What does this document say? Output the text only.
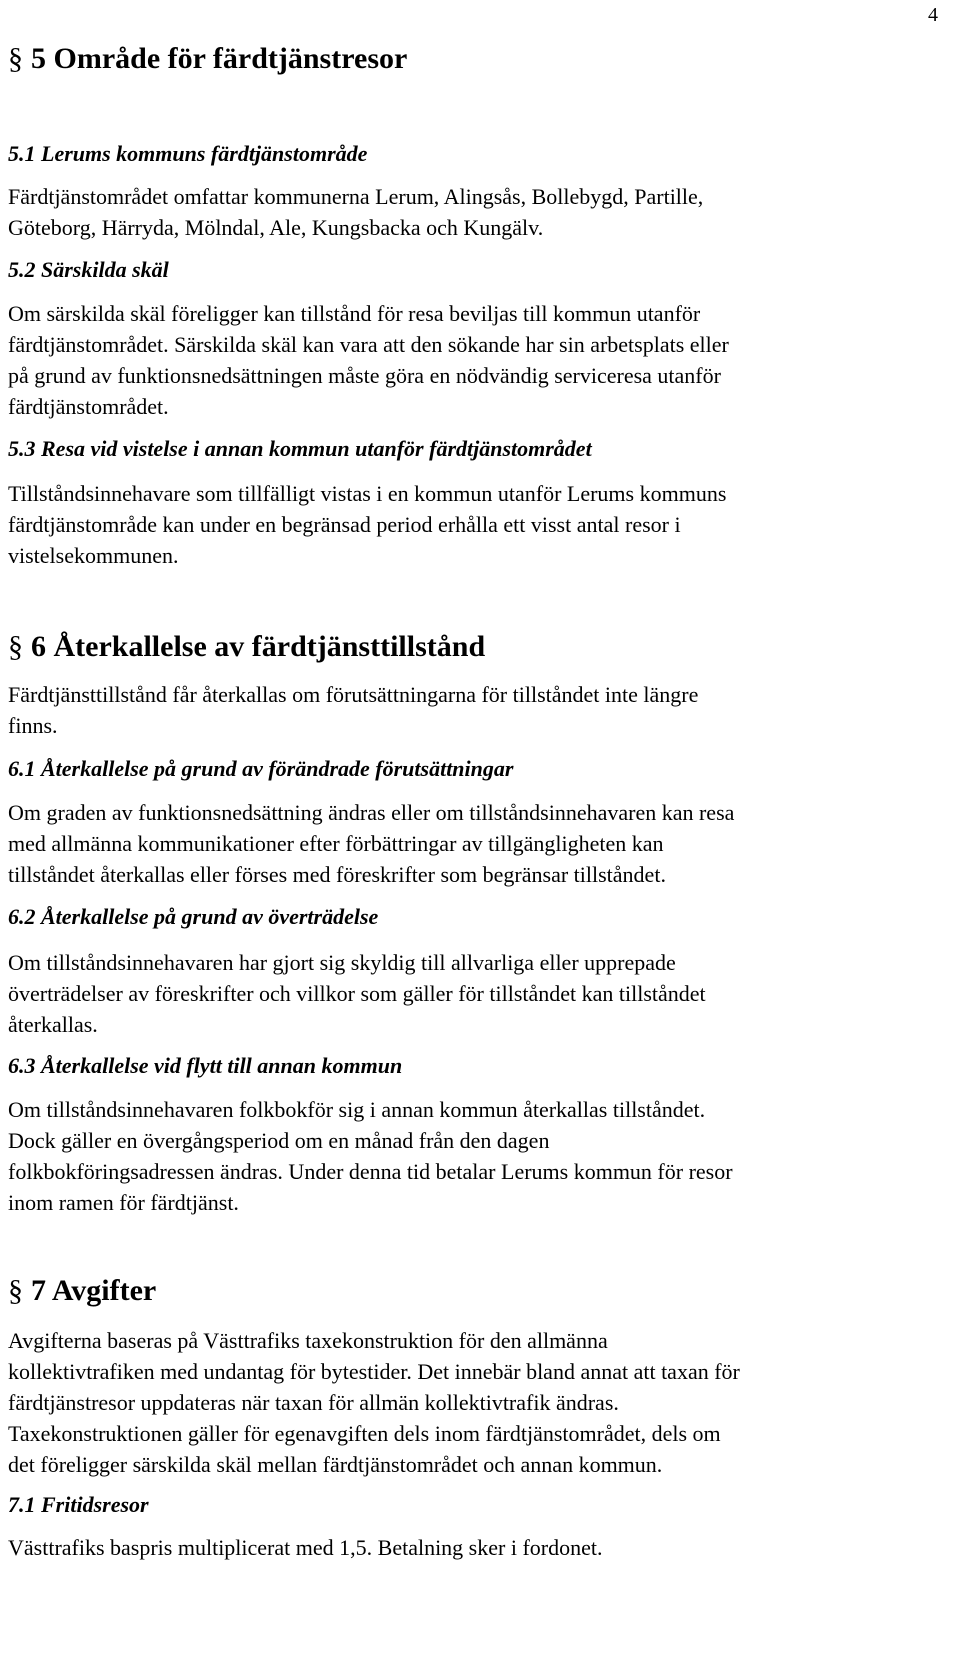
4
§ 5 Område för färdtjänstresor
5.1 Lerums kommuns färdtjänstområde
Färdtjänstområdet omfattar kommunerna Lerum, Alingsås, Bollebygd, Partille,
Göteborg, Härryda, Mölndal, Ale, Kungsbacka och Kungälv.
5.2 Särskilda skäl
Om särskilda skäl föreligger kan tillstånd för resa beviljas till kommun utanför
färdtjänstområdet. Särskilda skäl kan vara att den sökande har sin arbetsplats eller
på grund av funktionsnedsättningen måste göra en nödvändig serviceresa utanför
färdtjänstområdet.
5.3 Resa vid vistelse i annan kommun utanför färdtjänstområdet
Tillståndsinnehavare som tillfälligt vistas i en kommun utanför Lerums kommuns
färdtjänstområde kan under en begränsad period erhålla ett visst antal resor i
vistelsekommunen.
§ 6 Återkallelse av färdtjänsttillstånd
Färdtjänsttillstånd får återkallas om förutsättningarna för tillståndet inte längre
finns.
6.1 Återkallelse på grund av förändrade förutsättningar
Om graden av funktionsnedsättning ändras eller om tillståndsinnehavaren kan resa
med allmänna kommunikationer efter förbättringar av tillgängligheten kan
tillståndet återkallas eller förses med föreskrifter som begränsar tillståndet.
6.2 Återkallelse på grund av överträdelse
Om tillståndsinnehavaren har gjort sig skyldig till allvarliga eller upprepade
överträdelser av föreskrifter och villkor som gäller för tillståndet kan tillståndet
återkallas.
6.3 Återkallelse vid flytt till annan kommun
Om tillståndsinnehavaren folkbokför sig i annan kommun återkallas tillståndet.
Dock gäller en övergångsperiod om en månad från den dagen
folkbokföringsadressen ändras. Under denna tid betalar Lerums kommun för resor
inom ramen för färdtjänst.
§ 7 Avgifter
Avgifterna baseras på Västtrafiks taxekonstruktion för den allmänna
kollektivtrafiken med undantag för bytestider. Det innebär bland annat att taxan för
färdtjänstresor uppdateras när taxan för allmän kollektivtrafik ändras.
Taxekonstruktionen gäller för egenavgiften dels inom färdtjänstområdet, dels om
det föreligger särskilda skäl mellan färdtjänstområdet och annan kommun.
7.1 Fritidsresor
Västtrafiks baspris multiplicerat med 1,5. Betalning sker i fordonet.
